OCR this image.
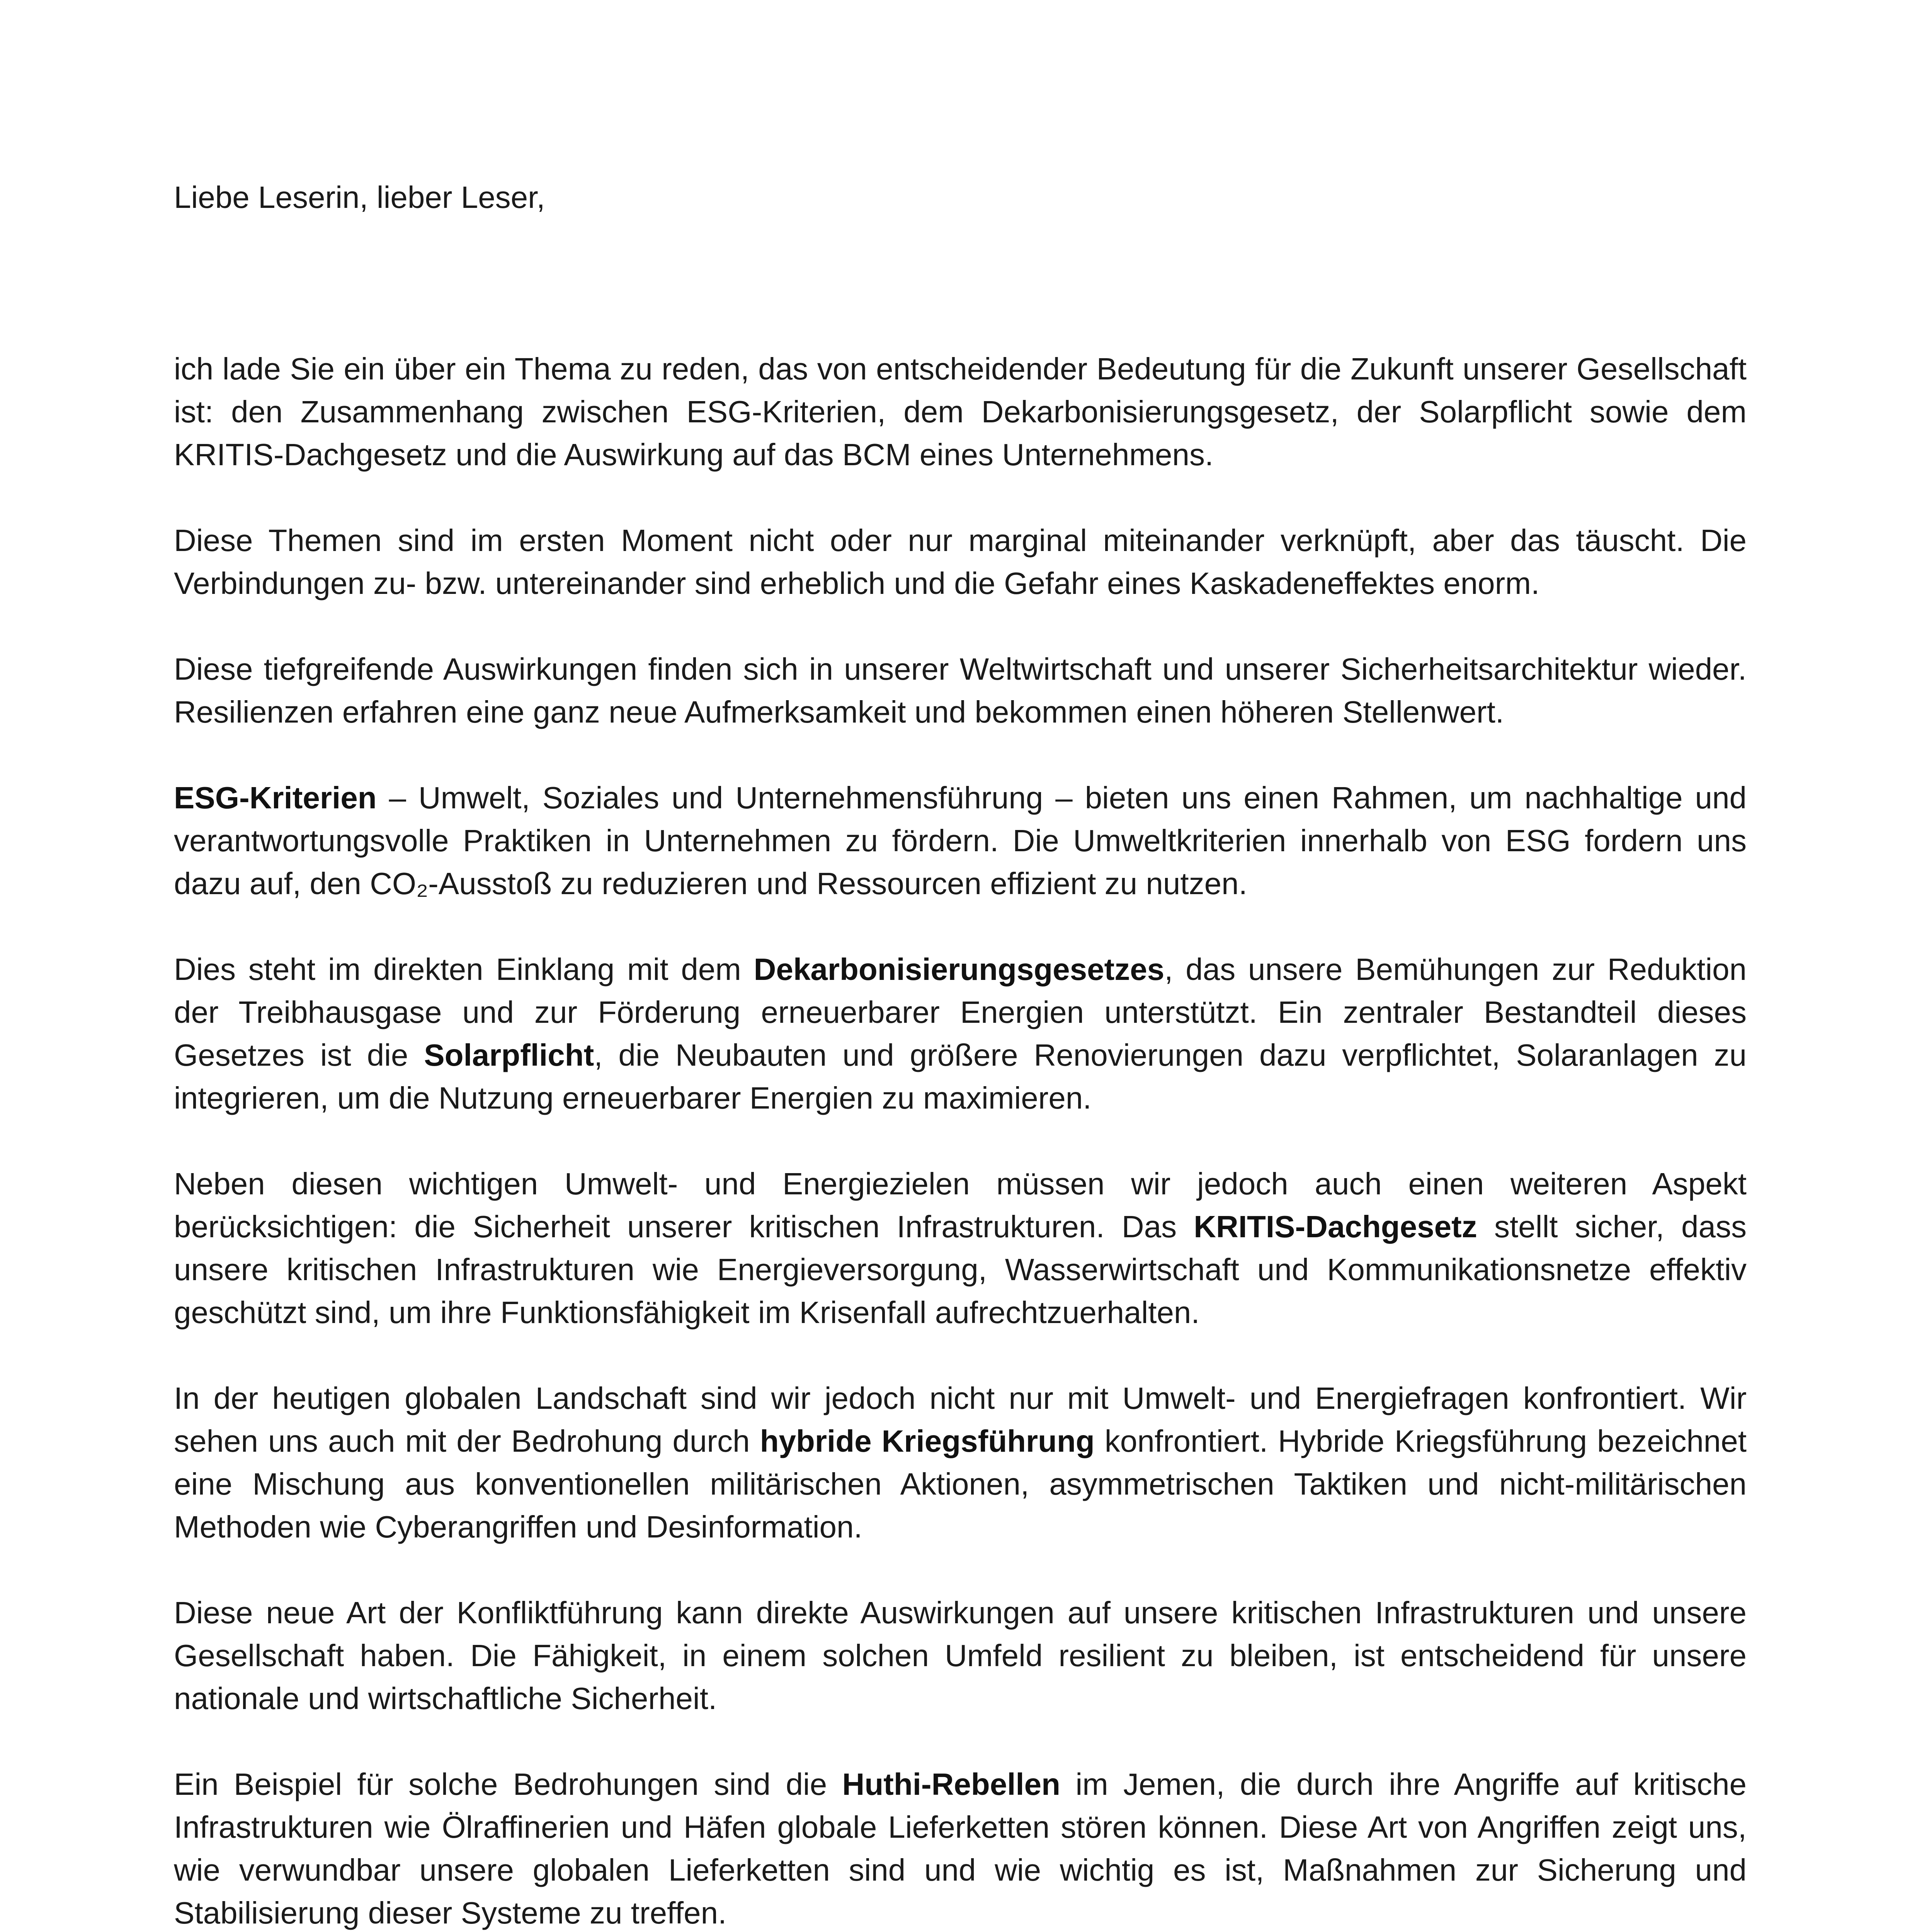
Liebe Leserin, lieber Leser,

ich lade Sie ein über ein Thema zu reden, das von entscheidender Bedeutung für die Zukunft unserer Gesellschaft ist: den Zusammenhang zwischen ESG-Kriterien, dem Dekarbonisierungsgesetz, der Solarpflicht sowie dem KRITIS-Dachgesetz und die Auswirkung auf das BCM eines Unternehmens.

Diese Themen sind im ersten Moment nicht oder nur marginal miteinander verknüpft, aber das täuscht. Die Verbindungen zu- bzw. untereinander sind erheblich und die Gefahr eines Kaskadeneffektes enorm.

Diese tiefgreifende Auswirkungen finden sich in unserer Weltwirtschaft und unserer Sicherheitsarchitektur wieder. Resilienzen erfahren eine ganz neue Aufmerksamkeit und bekommen einen höheren Stellenwert.

ESG-Kriterien – Umwelt, Soziales und Unternehmensführung – bieten uns einen Rahmen, um nachhaltige und verantwortungsvolle Praktiken in Unternehmen zu fördern. Die Umweltkriterien innerhalb von ESG fordern uns dazu auf, den CO₂-Ausstoß zu reduzieren und Ressourcen effizient zu nutzen.

Dies steht im direkten Einklang mit dem Dekarbonisierungsgesetzes, das unsere Bemühungen zur Reduktion der Treibhausgase und zur Förderung erneuerbarer Energien unterstützt. Ein zentraler Bestandteil dieses Gesetzes ist die Solarpflicht, die Neubauten und größere Renovierungen dazu verpflichtet, Solaranlagen zu integrieren, um die Nutzung erneuerbarer Energien zu maximieren.

Neben diesen wichtigen Umwelt- und Energiezielen müssen wir jedoch auch einen weiteren Aspekt berücksichtigen: die Sicherheit unserer kritischen Infrastrukturen. Das KRITIS-Dachgesetz stellt sicher, dass unsere kritischen Infrastrukturen wie Energieversorgung, Wasserwirtschaft und Kommunikationsnetze effektiv geschützt sind, um ihre Funktionsfähigkeit im Krisenfall aufrechtzuerhalten.

In der heutigen globalen Landschaft sind wir jedoch nicht nur mit Umwelt- und Energiefragen konfrontiert. Wir sehen uns auch mit der Bedrohung durch hybride Kriegsführung konfrontiert. Hybride Kriegsführung bezeichnet eine Mischung aus konventionellen militärischen Aktionen, asymmetrischen Taktiken und nicht-militärischen Methoden wie Cyberangriffen und Desinformation.

Diese neue Art der Konfliktführung kann direkte Auswirkungen auf unsere kritischen Infrastrukturen und unsere Gesellschaft haben. Die Fähigkeit, in einem solchen Umfeld resilient zu bleiben, ist entscheidend für unsere nationale und wirtschaftliche Sicherheit.

Ein Beispiel für solche Bedrohungen sind die Huthi-Rebellen im Jemen, die durch ihre Angriffe auf kritische Infrastrukturen wie Ölraffinerien und Häfen globale Lieferketten stören können. Diese Art von Angriffen zeigt uns, wie verwundbar unsere globalen Lieferketten sind und wie wichtig es ist, Maßnahmen zur Sicherung und Stabilisierung dieser Systeme zu treffen.
